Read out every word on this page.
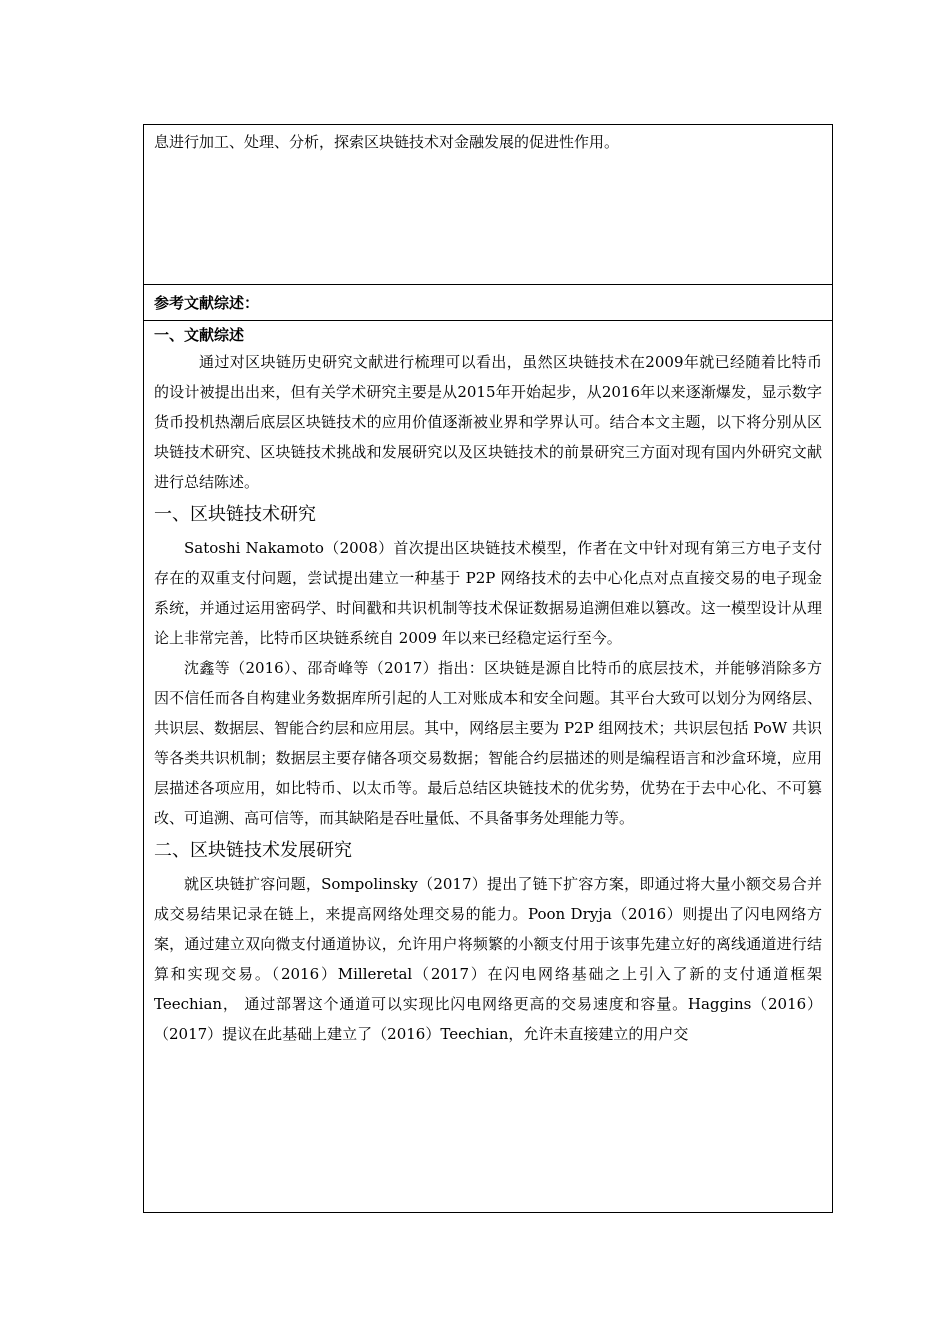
息进行加工、处理、分析，探索区块链技术对金融发展的促进性作用。

参考文献综述：

一、文献综述

通过对区块链历史研究文献进行梳理可以看出，虽然区块链技术在2009年就已经随着比特币的设计被提出出来，但有关学术研究主要是从2015年开始起步，从2016年以来逐渐爆发，显示数字货币投机热潮后底层区块链技术的应用价值逐渐被业界和学界认可。结合本文主题，以下将分别从区块链技术研究、区块链技术挑战和发展研究以及区块链技术的前景研究三方面对现有国内外研究文献进行总结陈述。

一、区块链技术研究

Satoshi Nakamoto（2008）首次提出区块链技术模型，作者在文中针对现有第三方电子支付存在的双重支付问题，尝试提出建立一种基于 P2P 网络技术的去中心化点对点直接交易的电子现金系统，并通过运用密码学、时间戳和共识机制等技术保证数据易追溯但难以篡改。这一模型设计从理论上非常完善，比特币区块链系统自 2009 年以来已经稳定运行至今。

沈鑫等（2016）、邵奇峰等（2017）指出：区块链是源自比特币的底层技术，并能够消除多方因不信任而各自构建业务数据库所引起的人工对账成本和安全问题。其平台大致可以划分为网络层、共识层、数据层、智能合约层和应用层。其中，网络层主要为 P2P 组网技术；共识层包括 PoW 共识等各类共识机制；数据层主要存储各项交易数据；智能合约层描述的则是编程语言和沙盒环境，应用层描述各项应用，如比特币、以太币等。最后总结区块链技术的优劣势，优势在于去中心化、不可篡改、可追溯、高可信等，而其缺陷是吞吐量低、不具备事务处理能力等。

二、区块链技术发展研究

就区块链扩容问题，Sompolinsky（2017）提出了链下扩容方案，即通过将大量小额交易合并成交易结果记录在链上，来提高网络处理交易的能力。Poon Dryja（2016）则提出了闪电网络方案，通过建立双向微支付通道协议，允许用户将频繁的小额支付用于该事先建立好的离线通道进行结算和实现交易。（2016）Milleretal（2017）在闪电网络基础之上引入了新的支付通道框架 Teechian， 通过部署这个通道可以实现比闪电网络更高的交易速度和容量。Haggins（2016）（2017）提议在此基础上建立了（2016）Teechian，允许未直接建立的用户交
